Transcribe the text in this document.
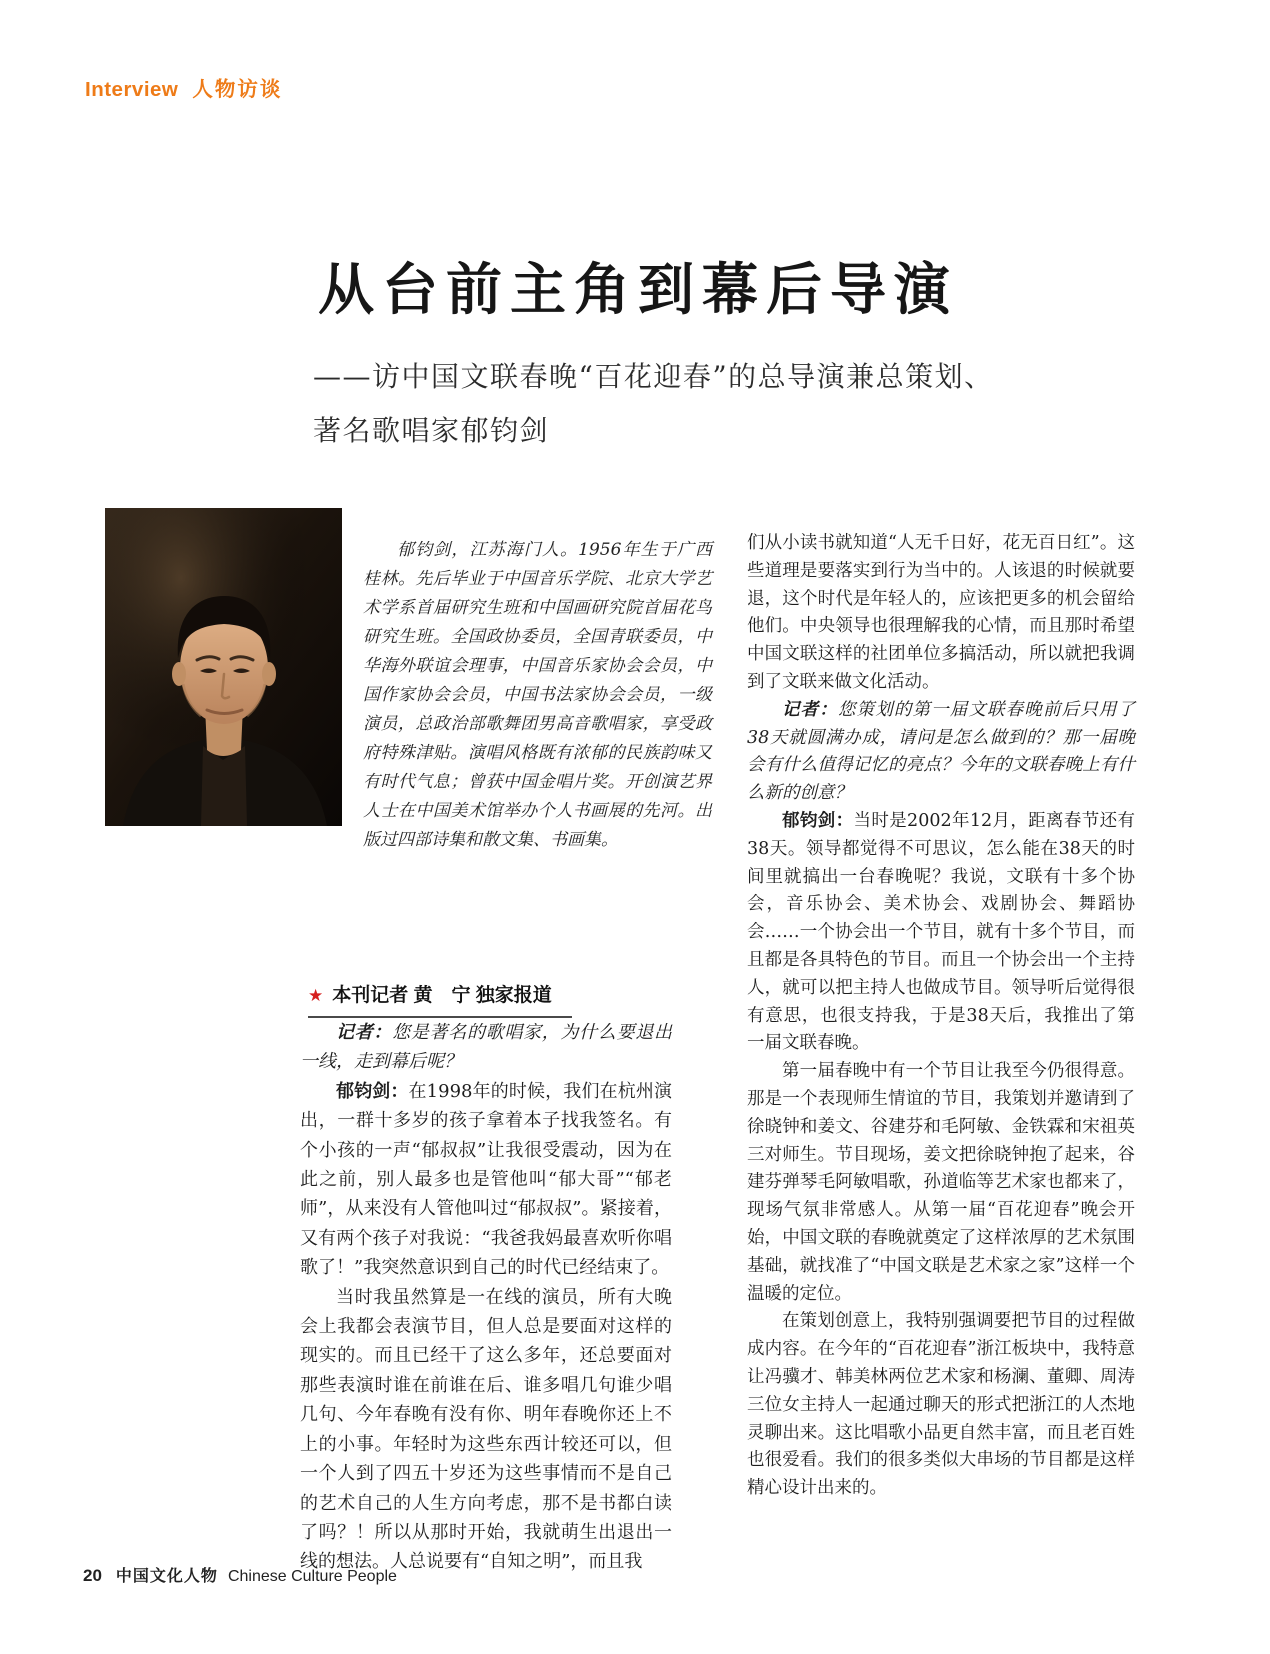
Interview 人物访谈
从台前主角到幕后导演
——访中国文联春晚“百花迎春”的总导演兼总策划、
著名歌唱家郁钧剑

郁钧剑，江苏海门人。1956年生于广西桂林。先后毕业于中国音乐学院、北京大学艺术学系首届研究生班和中国画研究院首届花鸟研究生班。全国政协委员，全国青联委员，中华海外联谊会理事，中国音乐家协会会员，中国作家协会会员，中国书法家协会会员，一级演员，总政治部歌舞团男高音歌唱家，享受政府特殊津贴。演唱风格既有浓郁的民族韵味又有时代气息；曾获中国金唱片奖。开创演艺界人士在中国美术馆举办个人书画展的先河。出版过四部诗集和散文集、书画集。

★ 本刊记者 黄　宁 独家报道

记者：您是著名的歌唱家，为什么要退出一线，走到幕后呢？

郁钧剑：在1998年的时候，我们在杭州演出，一群十多岁的孩子拿着本子找我签名。有个小孩的一声“郁叔叔”让我很受震动，因为在此之前，别人最多也是管他叫“郁大哥”“郁老师”，从来没有人管他叫过“郁叔叔”。紧接着，又有两个孩子对我说：“我爸我妈最喜欢听你唱歌了！”我突然意识到自己的时代已经结束了。

当时我虽然算是一在线的演员，所有大晚会上我都会表演节目，但人总是要面对这样的现实的。而且已经干了这么多年，还总要面对那些表演时谁在前谁在后、谁多唱几句谁少唱几句、今年春晚有没有你、明年春晚你还上不上的小事。年轻时为这些东西计较还可以，但一个人到了四五十岁还为这些事情而不是自己的艺术自己的人生方向考虑，那不是书都白读了吗？！所以从那时开始，我就萌生出退出一线的想法。人总说要有“自知之明”，而且我

们从小读书就知道“人无千日好，花无百日红”。这些道理是要落实到行为当中的。人该退的时候就要退，这个时代是年轻人的，应该把更多的机会留给他们。中央领导也很理解我的心情，而且那时希望中国文联这样的社团单位多搞活动，所以就把我调到了文联来做文化活动。

记者：您策划的第一届文联春晚前后只用了38天就圆满办成，请问是怎么做到的？那一届晚会有什么值得记忆的亮点？今年的文联春晚上有什么新的创意？

郁钧剑：当时是2002年12月，距离春节还有38天。领导都觉得不可思议，怎么能在38天的时间里就搞出一台春晚呢？我说，文联有十多个协会，音乐协会、美术协会、戏剧协会、舞蹈协会……一个协会出一个节目，就有十多个节目，而且都是各具特色的节目。而且一个协会出一个主持人，就可以把主持人也做成节目。领导听后觉得很有意思，也很支持我，于是38天后，我推出了第一届文联春晚。

第一届春晚中有一个节目让我至今仍很得意。那是一个表现师生情谊的节目，我策划并邀请到了徐晓钟和姜文、谷建芬和毛阿敏、金铁霖和宋祖英三对师生。节目现场，姜文把徐晓钟抱了起来，谷建芬弹琴毛阿敏唱歌，孙道临等艺术家也都来了，现场气氛非常感人。从第一届“百花迎春”晚会开始，中国文联的春晚就奠定了这样浓厚的艺术氛围基础，就找准了“中国文联是艺术家之家”这样一个温暖的定位。

在策划创意上，我特别强调要把节目的过程做成内容。在今年的“百花迎春”浙江板块中，我特意让冯骥才、韩美林两位艺术家和杨澜、董卿、周涛三位女主持人一起通过聊天的形式把浙江的人杰地灵聊出来。这比唱歌小品更自然丰富，而且老百姓也很爱看。我们的很多类似大串场的节目都是这样精心设计出来的。

20 中国文化人物 Chinese Culture People
